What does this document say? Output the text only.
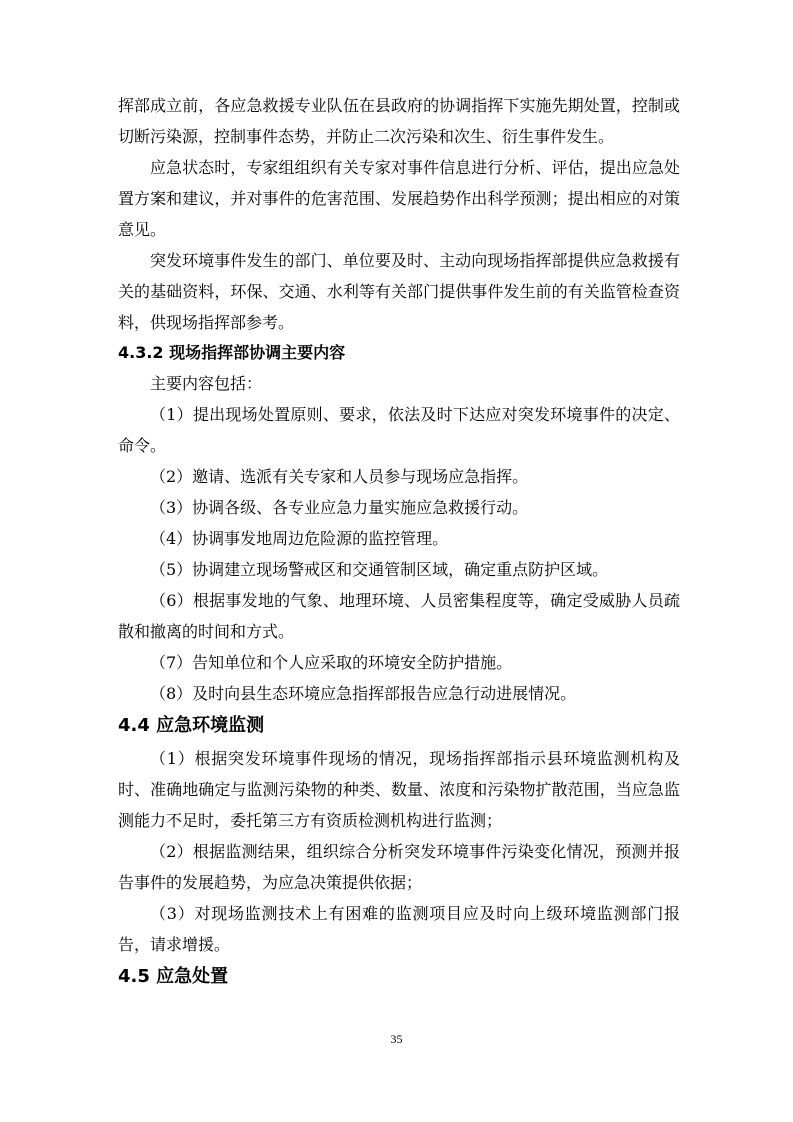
挥部成立前，各应急救援专业队伍在县政府的协调指挥下实施先期处置，控制或切断污染源，控制事件态势，并防止二次污染和次生、衍生事件发生。

应急状态时，专家组组织有关专家对事件信息进行分析、评估，提出应急处置方案和建议，并对事件的危害范围、发展趋势作出科学预测；提出相应的对策意见。

突发环境事件发生的部门、单位要及时、主动向现场指挥部提供应急救援有关的基础资料，环保、交通、水利等有关部门提供事件发生前的有关监管检查资料，供现场指挥部参考。

4.3.2 现场指挥部协调主要内容

主要内容包括：

（1）提出现场处置原则、要求，依法及时下达应对突发环境事件的决定、命令。

（2）邀请、选派有关专家和人员参与现场应急指挥。

（3）协调各级、各专业应急力量实施应急救援行动。

（4）协调事发地周边危险源的监控管理。

（5）协调建立现场警戒区和交通管制区域，确定重点防护区域。

（6）根据事发地的气象、地理环境、人员密集程度等，确定受威胁人员疏散和撤离的时间和方式。

（7）告知单位和个人应采取的环境安全防护措施。

（8）及时向县生态环境应急指挥部报告应急行动进展情况。

4.4 应急环境监测

（1）根据突发环境事件现场的情况，现场指挥部指示县环境监测机构及时、准确地确定与监测污染物的种类、数量、浓度和污染物扩散范围，当应急监测能力不足时，委托第三方有资质检测机构进行监测；

（2）根据监测结果，组织综合分析突发环境事件污染变化情况，预测并报告事件的发展趋势，为应急决策提供依据；

（3）对现场监测技术上有困难的监测项目应及时向上级环境监测部门报告，请求增援。

4.5 应急处置
35
